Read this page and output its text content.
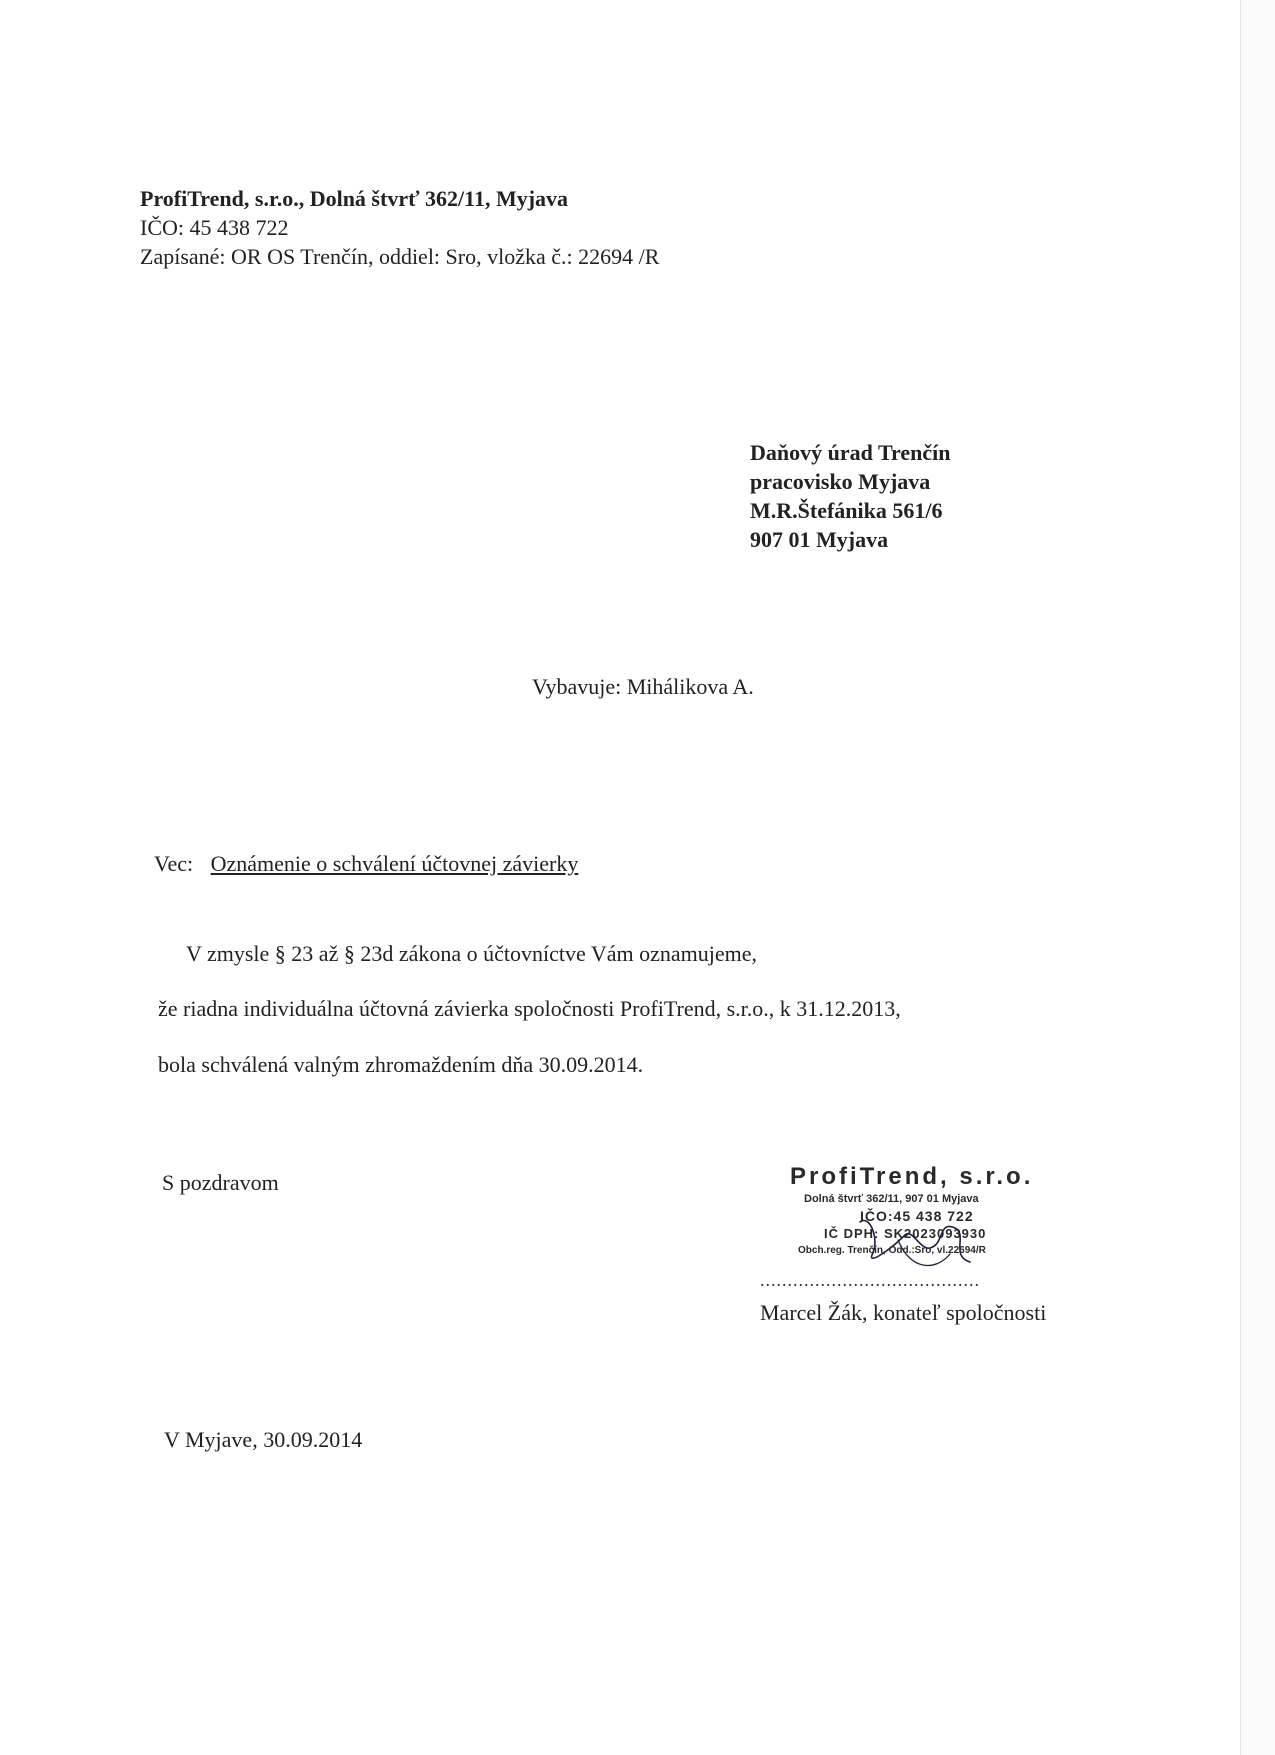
ProfiTrend, s.r.o., Dolná štvrť 362/11, Myjava
IČO: 45 438 722
Zapísané: OR OS Trenčín, oddiel: Sro, vložka č.: 22694 /R
Daňový úrad Trenčín
pracovisko Myjava
M.R.Štefánika 561/6
907 01 Myjava
Vybavuje: Mihálikova A.
Vec: Oznámenie o schválení účtovnej závierky
V zmysle § 23 až § 23d zákona o účtovníctve Vám oznamujeme,
že riadna individuálna účtovná závierka spoločnosti ProfiTrend, s.r.o., k 31.12.2013,
bola schválená valným zhromaždením dňa 30.09.2014.
S pozdravom	ProfiTrend, s.r.o.
Dolná štvrť 362/11, 907 01 Myjava
IČO:45 438 722
IČ DPH: SK2023093930
Obch.reg. Trenčín, Odd.:Sro, vl.22694/R
........................................
Marcel Žák, konateľ spoločnosti
V Myjave, 30.09.2014
